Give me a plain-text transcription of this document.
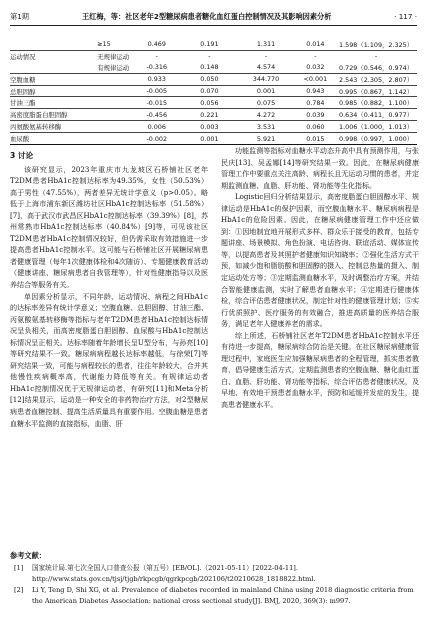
第1期	王红梅，等：社区老年2型糖尿病患者糖化血红蛋白控制情况及其影响因素分析	· 117 ·
	≥15	0.469	0.191	1.311	0.014	1.598（1.109，2.325）
运动情况	无规律运动	-	-	-	-	-
	有规律运动	-0.316	0.148	4.574	0.032	0.729（0.546，0.974）
空腹血糖		0.933	0.050	344.770	<0.001	2.543（2.305，2.807）
总胆固醇		-0.005	0.070	0.001	0.943	0.995（0.867，1.142）
甘油三酯		-0.015	0.056	0.075	0.784	0.985（0.882，1.100）
高密度脂蛋白胆固醇		-0.456	0.221	4.272	0.039	0.634（0.411，0.977）
丙氨酸氨基转移酶		0.006	0.003	3.531	0.060	1.006（1.000，1.013）
血尿酸		-0.002	0.001	5.921	0.015	0.998（0.997，1.000）

3 讨论

该研究显示，2023年重庆市九龙坡区石桥铺社区老年T2DM患者HbA1c控制达标率为49.35%，女性（50.53%）高于男性（47.55%），两者差异无统计学意义（p>0.05）。略低于上海市浦东新区潍坊社区HbA1c控制达标率（51.58%）[7]，高于武汉市武昌区HbA1c控制达标率（39.39%）[8]，苏州常熟市HbA1c控制达标率（40.84%）[9]等，可见该社区T2DM患者HbA1c控制情况较好，但仍需采取有效措施进一步提高患者HbA1c控制水平。这可能与石桥铺社区开展糖尿病患者健康管理（每年1次健康体检和4次随访）、专题健康教育活动（健康讲座、糖尿病患者自我管理等），针对性健康指导以及医养结合等服务有关。

单因素分析显示，不同年龄、运动情况、病程之间HbA1c的达标率差异有统计学意义；空腹血糖、总胆固醇、甘油三酯、丙氨酸氨基转移酶等指标与老年T2DM患者HbA1c控制达标情况呈负相关，而高密度脂蛋白胆固醇、血尿酸与HbA1c控制达标情况呈正相关。达标率随着年龄增长呈U型分布，与孙亮[10]等研究结果不一致。糖尿病病程越长达标率越低，与徐荣[7]等研究结果一致，可能与病程较长的患者，往往年龄较大，合并其他慢性疾病概率高，代谢能力降低等有关。有规律运动者HbA1c控制情况优于无规律运动者，有研究[11]和Meta分析[12]结果显示，运动是一种安全的非药物治疗方法，对2型糖尿病患者血糖控制、提高生活质量具有重要作用。空腹血糖是患者血糖水平监测的直接指标，血脂、肝

功能监测等指标对血糖水平动态升高中具有预测作用，与张民庆[13]、吴孟娜[14]等研究结果一致。因此，在糖尿病健康管理工作中要重点关注高龄、病程长且无运动习惯的患者，并定期监测血糖、血脂、肝功能、肾功能等生化指标。

Logistic回归分析结果显示，高密度脂蛋白胆固醇水平、规律运动是HbA1c的保护因素，而空腹血糖水平、糖尿病病程是HbA1c的危险因素。因此，在糖尿病健康管理工作中还应做到：①因地制宜地开展形式多样、群众乐于接受的教育，包括专题讲座、场景模拟、角色扮演、电话咨询、联谊活动、媒体宣传等，以提高患者及其照护者健康知识知晓率；②强化生活方式干预，如减少饱和脂肪酸和胆固醇的摄入、控制总热量的摄入、制定运动处方等；③定期监测血糖水平，及时调整治疗方案，并结合智能健康监测，实时了解患者血糖水平；④定期进行健康体检，综合评估患者健康状况，制定针对性的健康管理计划；⑤实行优质照护、医疗服务的有效融合，推进高质量的医养结合服务，满足老年人健康养老的需求。

综上所述，石桥铺社区老年T2DM患者HbA1c控制水平还有待进一步提高，糖尿病综合防治是关键。在社区糖尿病健康管理过程中，家庭医生应加强糖尿病患者的全程管理，抓实患者教育，倡导健康生活方式，定期监测患者的空腹血糖、糖化血红蛋白、血脂、肝功能、肾功能等指标，综合评估患者健康状况，及早地、有效地干预患者血糖水平，预防和延缓并发症的发生，提高患者健康水平。

参考文献：
[1] 国家统计局.第七次全国人口普查公报（第五号）[EB/OL].（2021-05-11）[2022-04-11]. http://www.stats.gov.cn/tjsj/tjgb/rkpcgb/qgrkpcgb/202106/t20210628_1818822.html.
[2] Li Y, Teng D, Shi XG, et al. Prevalence of diabetes recorded in mainland China using 2018 diagnostic criteria from the American Diabetes Association: national cross sectional study[J]. BMJ, 2020, 369(3): m997.
